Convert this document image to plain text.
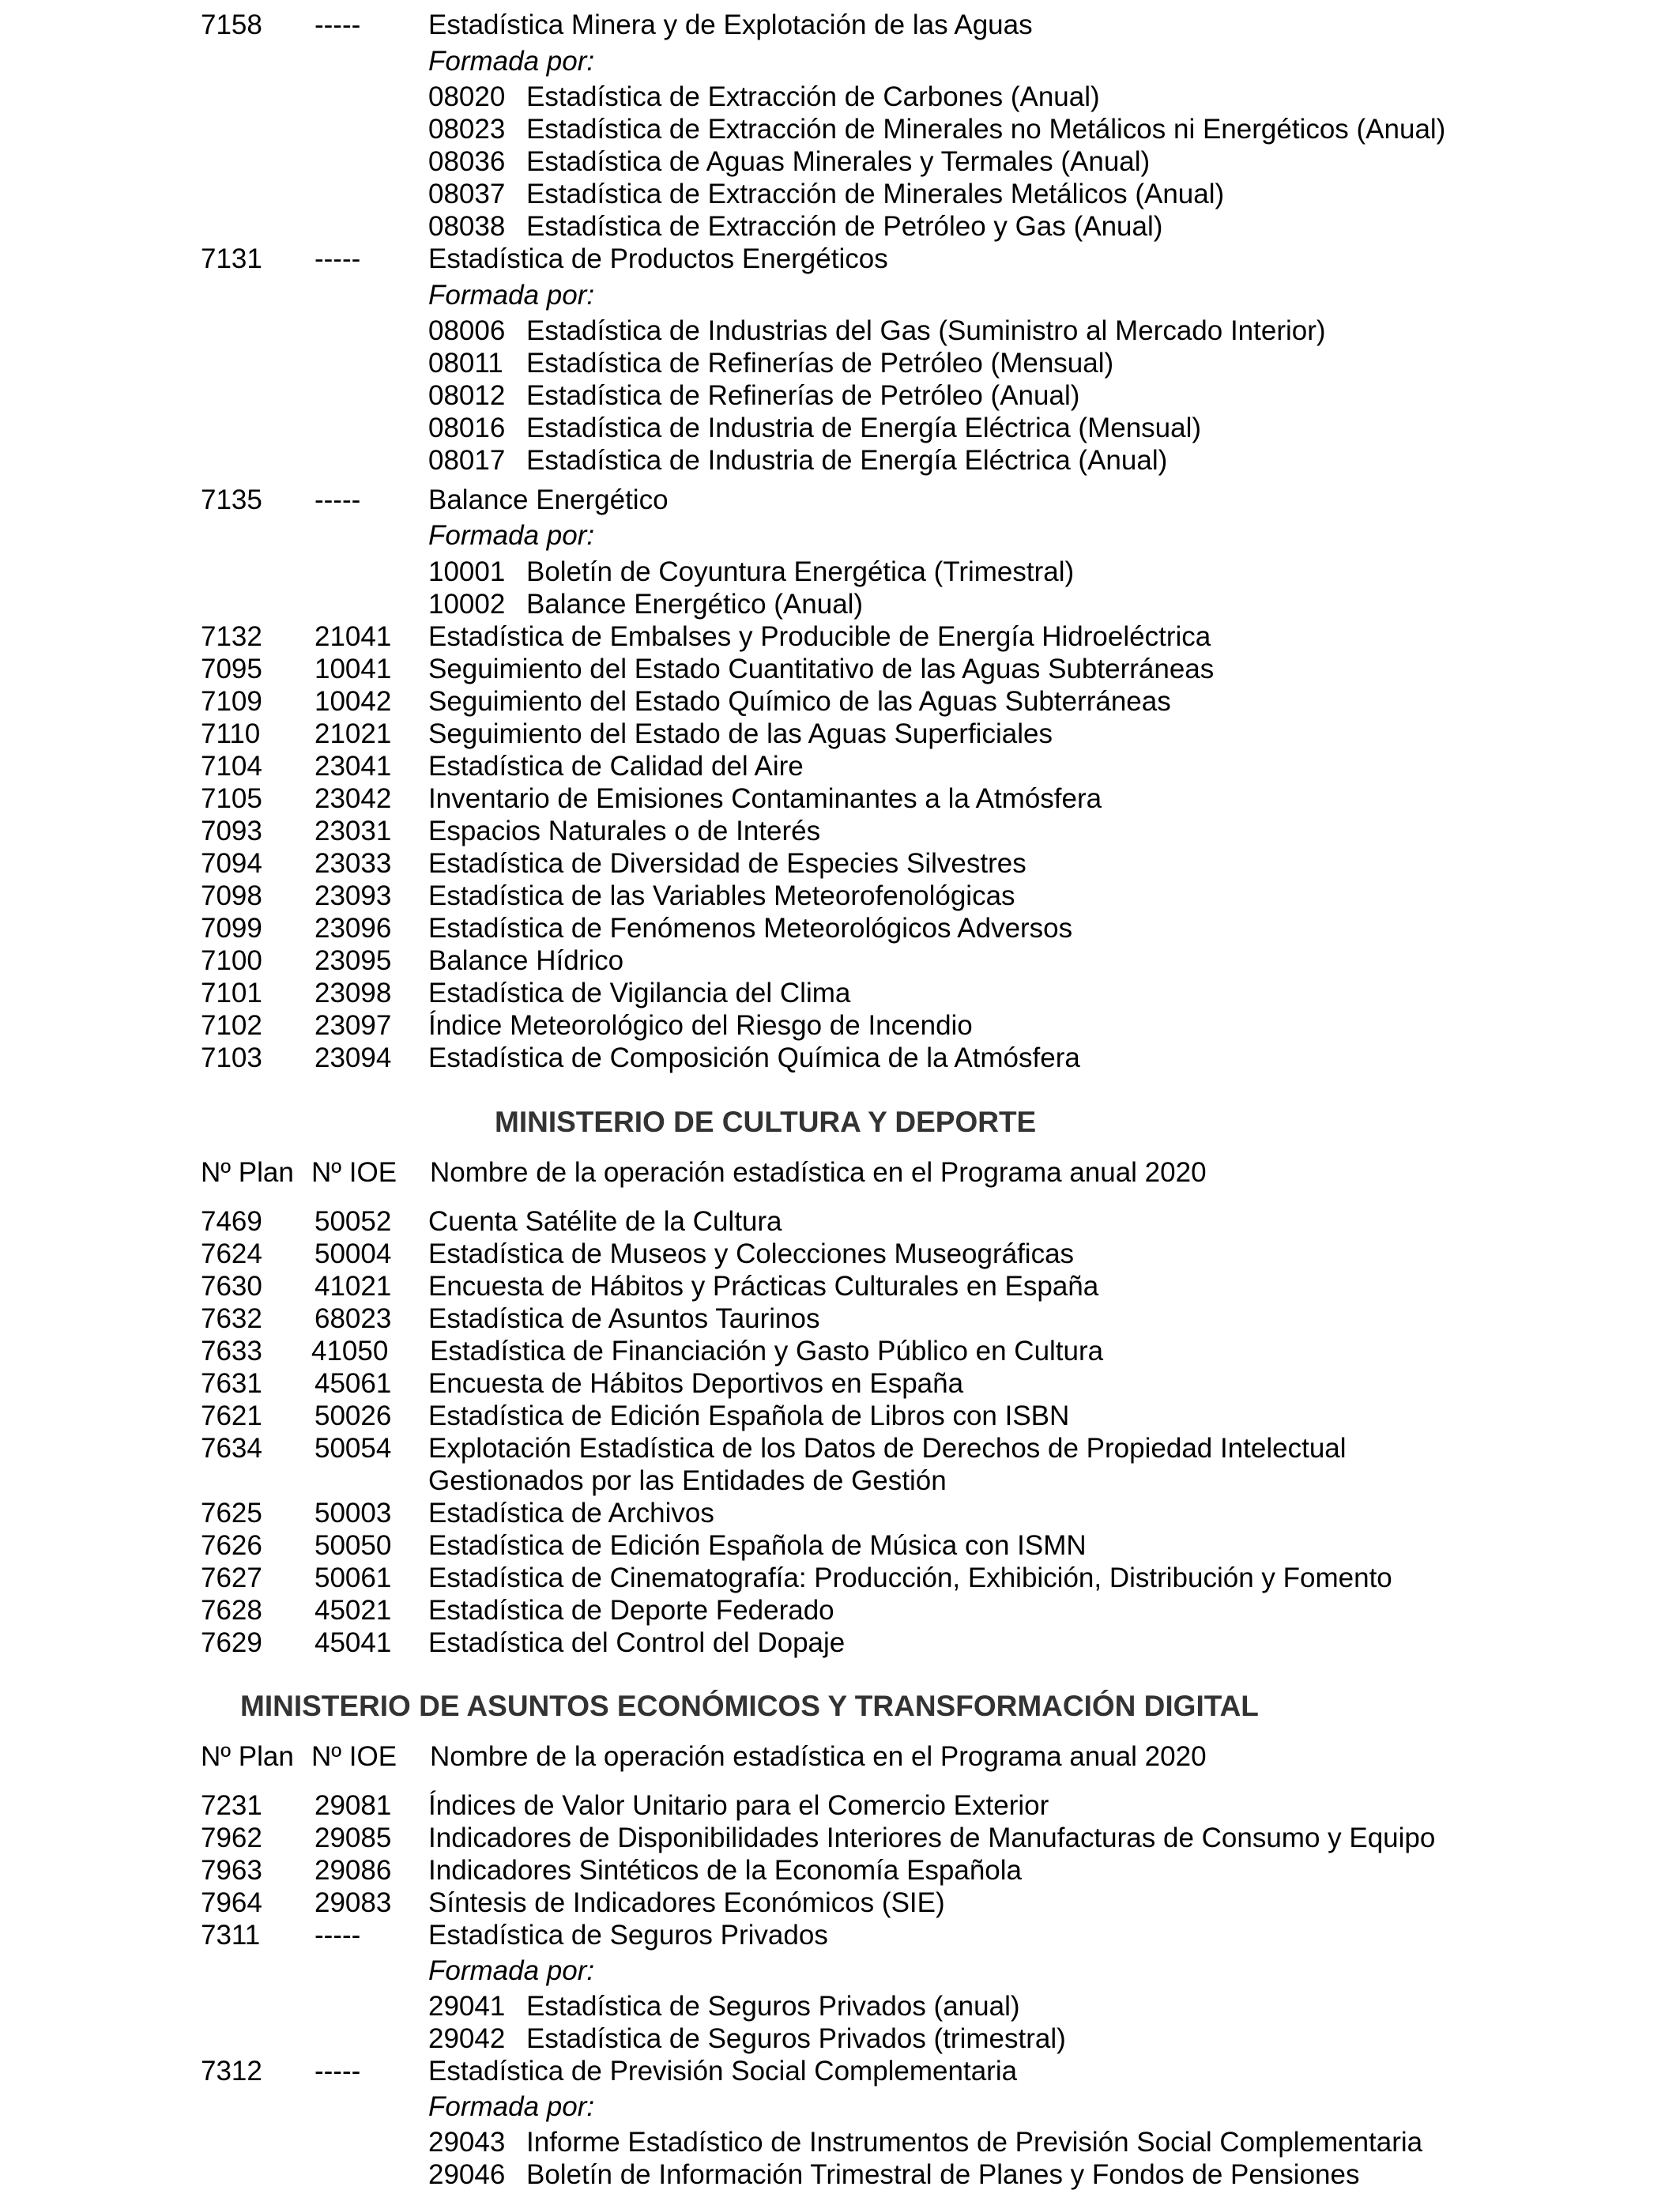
7158 ----- Estadística Minera y de Explotación de las Aguas
Formada por:
08020 Estadística de Extracción de Carbones (Anual)
08023 Estadística de Extracción de Minerales no Metálicos ni Energéticos (Anual)
08036 Estadística de Aguas Minerales y Termales (Anual)
08037 Estadística de Extracción de Minerales Metálicos (Anual)
08038 Estadística de Extracción de Petróleo y Gas (Anual)
7131 ----- Estadística de Productos Energéticos
Formada por:
08006 Estadística de Industrias del Gas (Suministro al Mercado Interior)
08011 Estadística de Refinerías de Petróleo (Mensual)
08012 Estadística de Refinerías de Petróleo (Anual)
08016 Estadística de Industria de Energía Eléctrica (Mensual)
08017 Estadística de Industria de Energía Eléctrica (Anual)
7135 ----- Balance Energético
Formada por:
10001 Boletín de Coyuntura Energética (Trimestral)
10002 Balance Energético (Anual)
7132 21041 Estadística de Embalses y Producible de Energía Hidroeléctrica
7095 10041 Seguimiento del Estado Cuantitativo de las Aguas Subterráneas
7109 10042 Seguimiento del Estado Químico de las Aguas Subterráneas
7110 21021 Seguimiento del Estado de las Aguas Superficiales
7104 23041 Estadística de Calidad del Aire
7105 23042 Inventario de Emisiones Contaminantes a la Atmósfera
7093 23031 Espacios Naturales o de Interés
7094 23033 Estadística de Diversidad de Especies Silvestres
7098 23093 Estadística de las Variables Meteorofenológicas
7099 23096 Estadística de Fenómenos Meteorológicos Adversos
7100 23095 Balance Hídrico
7101 23098 Estadística de Vigilancia del Clima
7102 23097 Índice Meteorológico del Riesgo de Incendio
7103 23094 Estadística de Composición Química de la Atmósfera
MINISTERIO DE CULTURA Y DEPORTE
Nº Plan Nº IOE Nombre de la operación estadística en el Programa anual 2020
7469 50052 Cuenta Satélite de la Cultura
7624 50004 Estadística de Museos y Colecciones Museográficas
7630 41021 Encuesta de Hábitos y Prácticas Culturales en España
7632 68023 Estadística de Asuntos Taurinos
7633 41050 Estadística de Financiación y Gasto Público en Cultura
7631 45061 Encuesta de Hábitos Deportivos en España
7621 50026 Estadística de Edición Española de Libros con ISBN
7634 50054 Explotación Estadística de los Datos de Derechos de Propiedad Intelectual
Gestionados por las Entidades de Gestión
7625 50003 Estadística de Archivos
7626 50050 Estadística de Edición Española de Música con ISMN
7627 50061 Estadística de Cinematografía: Producción, Exhibición, Distribución y Fomento
7628 45021 Estadística de Deporte Federado
7629 45041 Estadística del Control del Dopaje
MINISTERIO DE ASUNTOS ECONÓMICOS Y TRANSFORMACIÓN DIGITAL
Nº Plan Nº IOE Nombre de la operación estadística en el Programa anual 2020
7231 29081 Índices de Valor Unitario para el Comercio Exterior
7962 29085 Indicadores de Disponibilidades Interiores de Manufacturas de Consumo y Equipo
7963 29086 Indicadores Sintéticos de la Economía Española
7964 29083 Síntesis de Indicadores Económicos (SIE)
7311 ----- Estadística de Seguros Privados
Formada por:
29041 Estadística de Seguros Privados (anual)
29042 Estadística de Seguros Privados (trimestral)
7312 ----- Estadística de Previsión Social Complementaria
Formada por:
29043 Informe Estadístico de Instrumentos de Previsión Social Complementaria
29046 Boletín de Información Trimestral de Planes y Fondos de Pensiones
